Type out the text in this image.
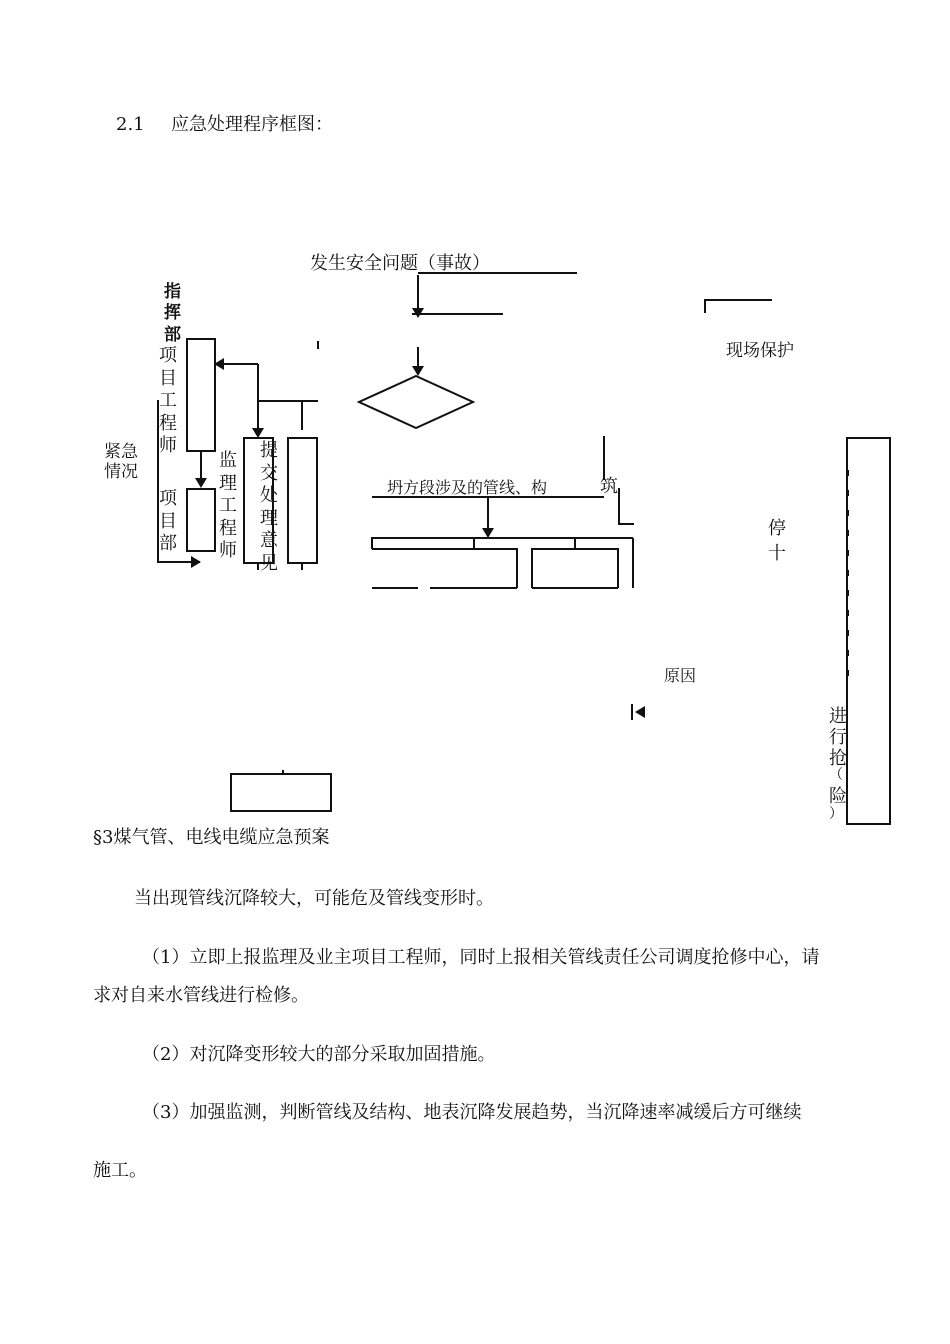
2.1 应急处理程序框图：
发生安全问题（事故）
指挥部
项目工程师
紧急情况
项目部
监理工程师
提交处理意见
现场保护
坍方段涉及的管线、构	筑
停
十
原因
进
行
抢
（
险
）
§3煤气管、电线电缆应急预案
当出现管线沉降较大，可能危及管线变形时。
（1）立即上报监理及业主项目工程师，同时上报相关管线责任公司调度抢修中心，请
求对自来水管线进行检修。
（2）对沉降变形较大的部分采取加固措施。
（3）加强监测，判断管线及结构、地表沉降发展趋势，当沉降速率减缓后方可继续
施工。
